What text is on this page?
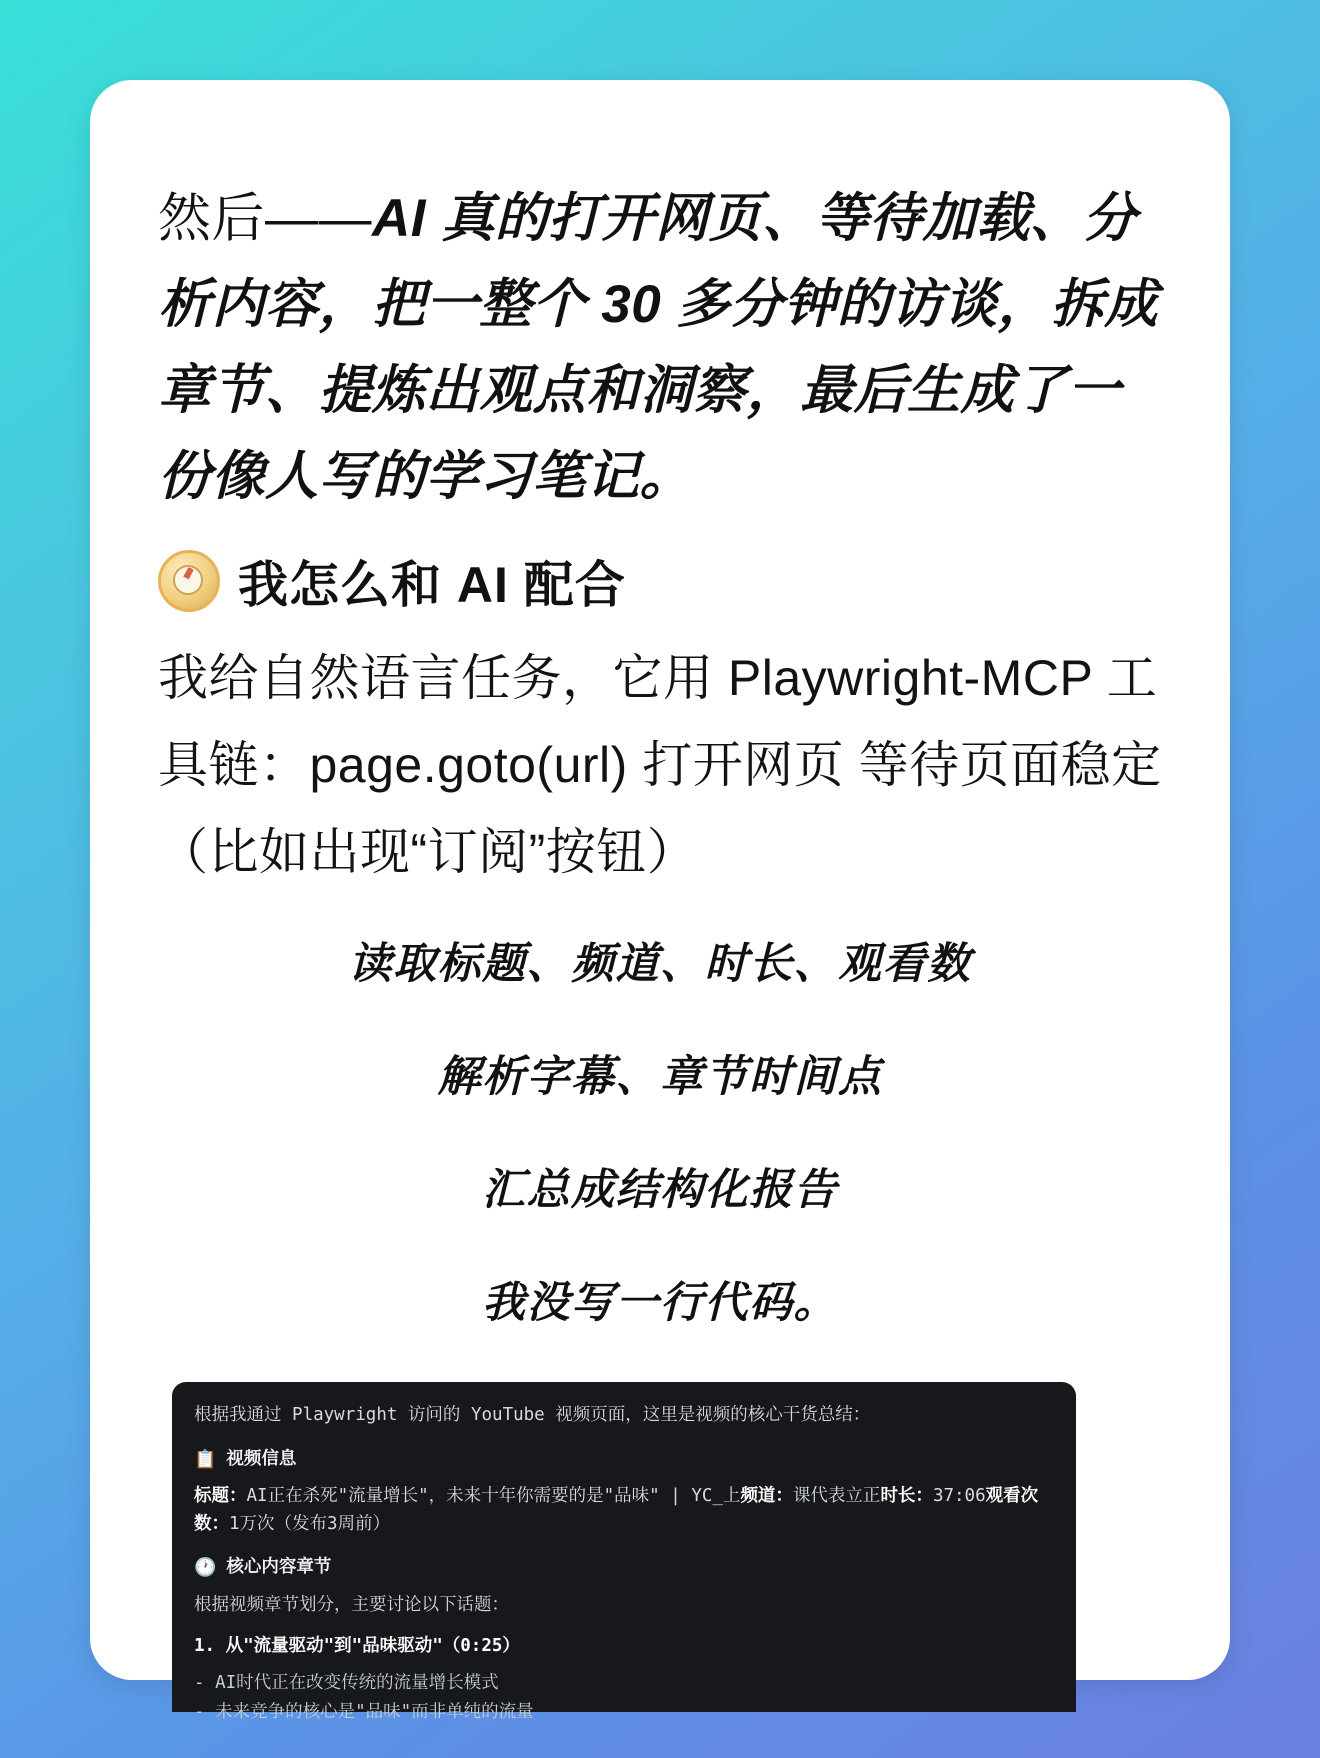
然后——AI 真的打开网页、等待加载、分析内容，把一整个 30 多分钟的访谈，拆成章节、提炼出观点和洞察，最后生成了一份像人写的学习笔记。

我怎么和 AI 配合

我给自然语言任务，它用 Playwright-MCP 工具链：page.goto(url) 打开网页 等待页面稳定（比如出现“订阅”按钮）

读取标题、频道、时长、观看数

解析字幕、章节时间点

汇总成结构化报告

我没写一行代码。

根据我通过 Playwright 访问的 YouTube 视频页面，这里是视频的核心干货总结：
📋 视频信息
标题：AI正在杀死"流量增长"，未来十年你需要的是"品味" | YC_上频道：课代表立正时长：37:06观看次数：1万次（发布3周前）
🕐 核心内容章节
根据视频章节划分，主要讨论以下话题：
1. 从"流量驱动"到"品味驱动"（0:25）
- AI时代正在改变传统的流量增长模式
- 未来竞争的核心是"品味"而非单纯的流量
